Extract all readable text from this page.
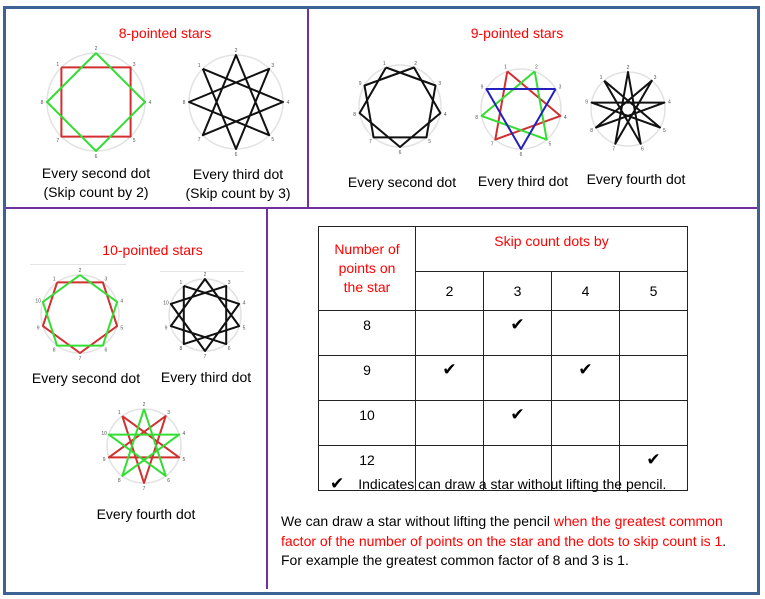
8-pointed stars
1
2
3
4
5
6
7
8
1
2
3
4
5
6
7
8
Every second dot
(Skip count by 2)
Every third dot
(Skip count by 3)
9-pointed stars
1	2
3
4
5
6
7
8
9
1	2
3
4
5
6
7
8
9
1
2
3
4
5
6
7
8
9
Every second dot	Every third dot	Every fourth dot
10-pointed stars
1
2
3
4
5
6
7
8
9
10
1
2
3
4
5
6
7
8
9
10
1
2
3
4
5
6
7
8
9
10
Every second dot	Every third dot
Every fourth dot
Number of
points on
the star	Skip count dots by			
	2	3	4	5
8		✔		
9	✔		✔	
10		✔		
12				✔
✔ Indicates can draw a star without lifting the pencil.
We can draw a star without lifting the pencil when the greatest common factor of the number of points on the star and the dots to skip count is 1. For example the greatest common factor of 8 and 3 is 1.
